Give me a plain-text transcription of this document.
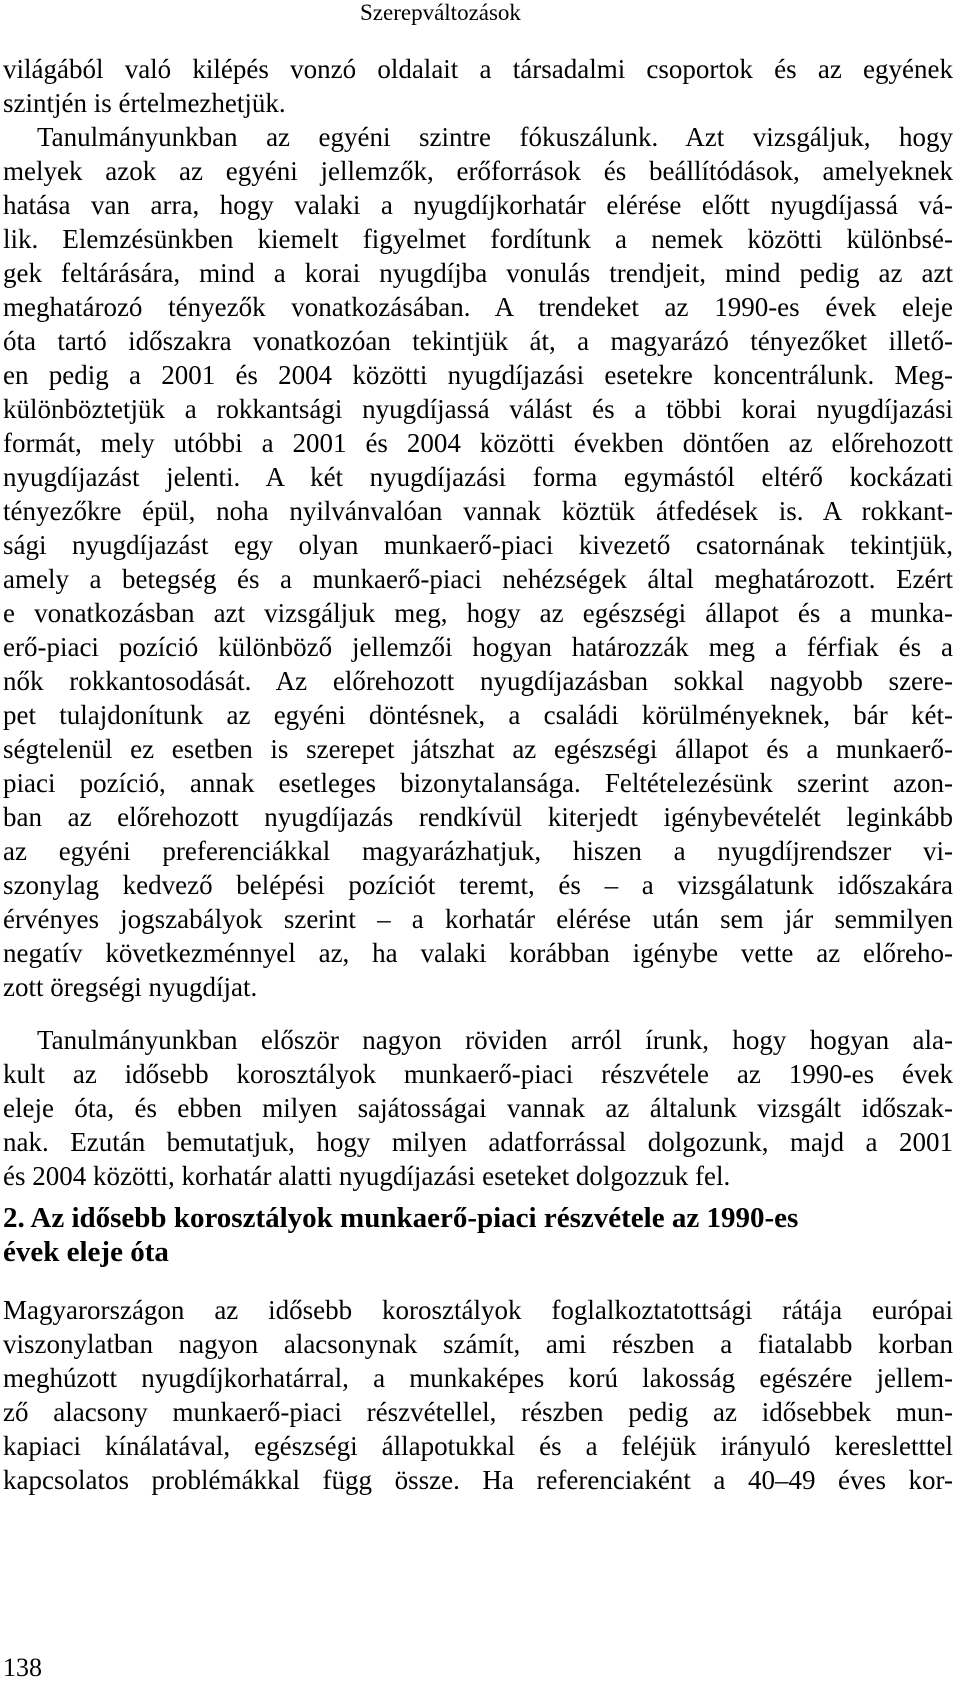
Szerepváltozások
világából való kilépés vonzó oldalait a társadalmi csoportok és az egyének
szintjén is értelmezhetjük.
Tanulmányunkban az egyéni szintre fókuszálunk. Azt vizsgáljuk, hogy
melyek azok az egyéni jellemzők, erőforrások és beállítódások, amelyeknek
hatása van arra, hogy valaki a nyugdíjkorhatár elérése előtt nyugdíjassá vá-
lik. Elemzésünkben kiemelt figyelmet fordítunk a nemek közötti különbsé-
gek feltárására, mind a korai nyugdíjba vonulás trendjeit, mind pedig az azt
meghatározó tényezők vonatkozásában. A trendeket az 1990-es évek eleje
óta tartó időszakra vonatkozóan tekintjük át, a magyarázó tényezőket illető-
en pedig a 2001 és 2004 közötti nyugdíjazási esetekre koncentrálunk. Meg-
különböztetjük a rokkantsági nyugdíjassá válást és a többi korai nyugdíjazási
formát, mely utóbbi a 2001 és 2004 közötti években döntően az előrehozott
nyugdíjazást jelenti. A két nyugdíjazási forma egymástól eltérő kockázati
tényezőkre épül, noha nyilvánvalóan vannak köztük átfedések is. A rokkant-
sági nyugdíjazást egy olyan munkaerő-piaci kivezető csatornának tekintjük,
amely a betegség és a munkaerő-piaci nehézségek által meghatározott. Ezért
e vonatkozásban azt vizsgáljuk meg, hogy az egészségi állapot és a munka-
erő-piaci pozíció különböző jellemzői hogyan határozzák meg a férfiak és a
nők rokkantosodását. Az előrehozott nyugdíjazásban sokkal nagyobb szere-
pet tulajdonítunk az egyéni döntésnek, a családi körülményeknek, bár két-
ségtelenül ez esetben is szerepet játszhat az egészségi állapot és a munkaerő-
piaci pozíció, annak esetleges bizonytalansága. Feltételezésünk szerint azon-
ban az előrehozott nyugdíjazás rendkívül kiterjedt igénybevételét leginkább
az egyéni preferenciákkal magyarázhatjuk, hiszen a nyugdíjrendszer vi-
szonylag kedvező belépési pozíciót teremt, és – a vizsgálatunk időszakára
érvényes jogszabályok szerint – a korhatár elérése után sem jár semmilyen
negatív következménnyel az, ha valaki korábban igénybe vette az előreho-
zott öregségi nyugdíjat.
Tanulmányunkban először nagyon röviden arról írunk, hogy hogyan ala-
kult az idősebb korosztályok munkaerő-piaci részvétele az 1990-es évek
eleje óta, és ebben milyen sajátosságai vannak az általunk vizsgált időszak-
nak. Ezután bemutatjuk, hogy milyen adatforrással dolgozunk, majd a 2001
és 2004 közötti, korhatár alatti nyugdíjazási eseteket dolgozzuk fel.
2. Az idősebb korosztályok munkaerő-piaci részvétele az 1990-es
évek eleje óta
Magyarországon az idősebb korosztályok foglalkoztatottsági rátája európai
viszonylatban nagyon alacsonynak számít, ami részben a fiatalabb korban
meghúzott nyugdíjkorhatárral, a munkaképes korú lakosság egészére jellem-
ző alacsony munkaerő-piaci részvétellel, részben pedig az idősebbek mun-
kapiaci kínálatával, egészségi állapotukkal és a feléjük irányuló keresletttel
kapcsolatos problémákkal függ össze. Ha referenciaként a 40–49 éves kor-
138
